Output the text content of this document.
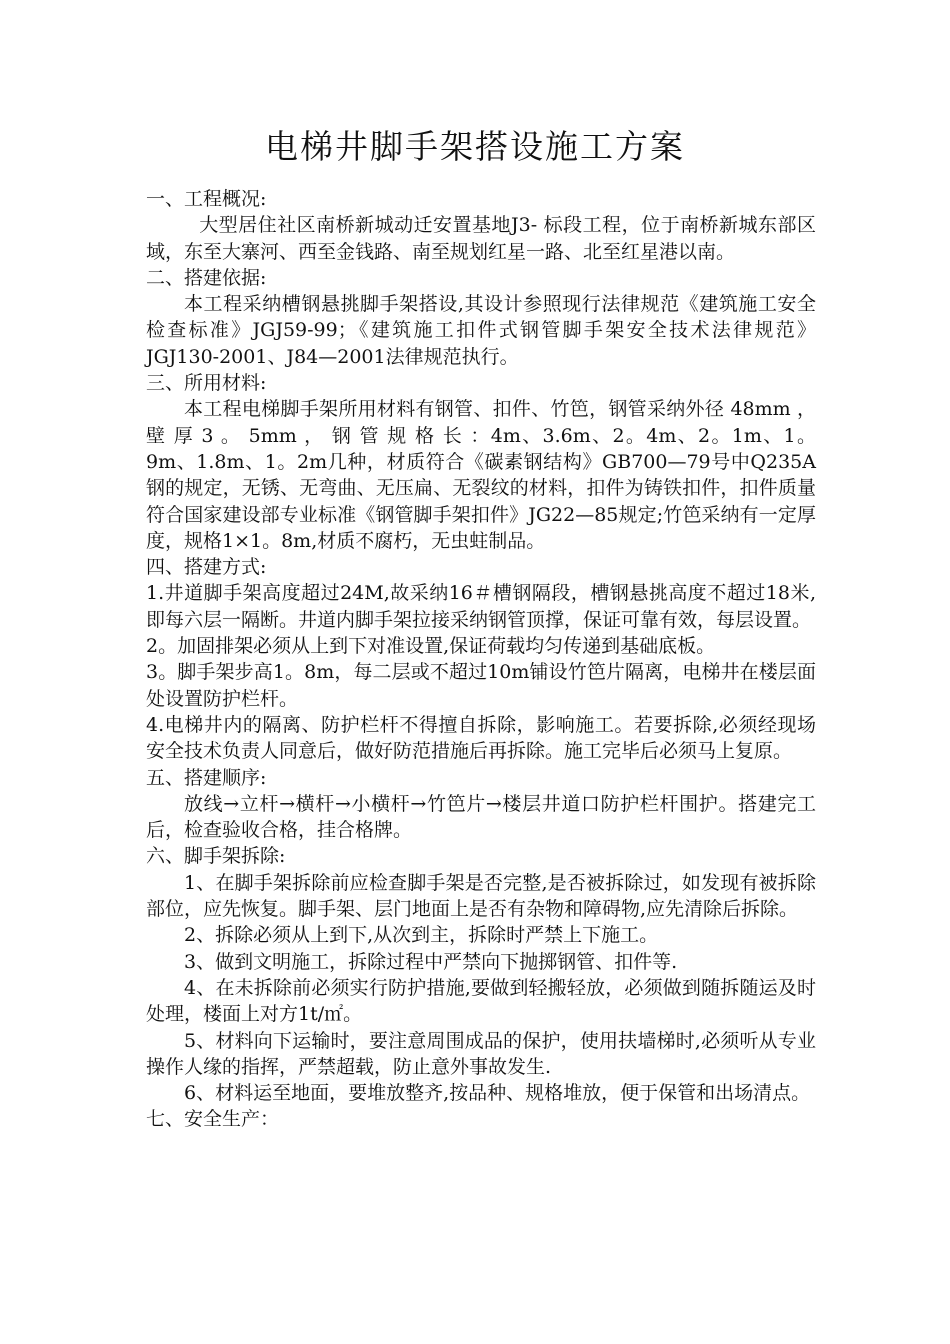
电梯井脚手架搭设施工方案

一、工程概况:

大型居住社区南桥新城动迁安置基地J3- 标段工程，位于南桥新城东部区域，东至大寨河、西至金钱路、南至规划红星一路、北至红星港以南。

二、搭建依据:

本工程采纳槽钢悬挑脚手架搭设,其设计参照现行法律规范《建筑施工安全检查标准》JGJ59-99；《建筑施工扣件式钢管脚手架安全技术法律规范》JGJ130-2001、J84—2001法律规范执行。

三、所用材料:

本工程电梯脚手架所用材料有钢管、扣件、竹笆，钢管采纳外径 48mm ， 壁 厚 3 。 5mm ， 钢 管 规 格 长 ：4m、3.6m、2。4m、2。1m、1。9m、1.8m、1。2m几种，材质符合《碳素钢结构》GB700—79号中Q235A钢的规定，无锈、无弯曲、无压扁、无裂纹的材料，扣件为铸铁扣件，扣件质量符合国家建设部专业标准《钢管脚手架扣件》JG22—85规定;竹笆采纳有一定厚度，规格1×1。8m,材质不腐朽，无虫蛀制品。

四、搭建方式:

1.井道脚手架高度超过24M,故采纳16＃槽钢隔段，槽钢悬挑高度不超过18米,即每六层一隔断。井道内脚手架拉接采纳钢管顶撑，保证可靠有效，每层设置。

2。加固排架必须从上到下对准设置,保证荷载均匀传递到基础底板。

3。脚手架步高1。8m，每二层或不超过10m铺设竹笆片隔离，电梯井在楼层面处设置防护栏杆。

4.电梯井内的隔离、防护栏杆不得擅自拆除，影响施工。若要拆除,必须经现场安全技术负责人同意后，做好防范措施后再拆除。施工完毕后必须马上复原。

五、搭建顺序:

放线→立杆→横杆→小横杆→竹笆片→楼层井道口防护栏杆围护。搭建完工后，检查验收合格，挂合格牌。

六、脚手架拆除:

1、在脚手架拆除前应检查脚手架是否完整,是否被拆除过，如发现有被拆除部位，应先恢复。脚手架、层门地面上是否有杂物和障碍物,应先清除后拆除。

2、拆除必须从上到下,从次到主，拆除时严禁上下施工。

3、做到文明施工，拆除过程中严禁向下抛掷钢管、扣件等.

4、在未拆除前必须实行防护措施,要做到轻搬轻放，必须做到随拆随运及时处理，楼面上对方1t/㎡。

5、材料向下运输时，要注意周围成品的保护，使用扶墙梯时,必须听从专业操作人缘的指挥，严禁超载，防止意外事故发生.

6、材料运至地面，要堆放整齐,按品种、规格堆放，便于保管和出场清点。

七、安全生产：
